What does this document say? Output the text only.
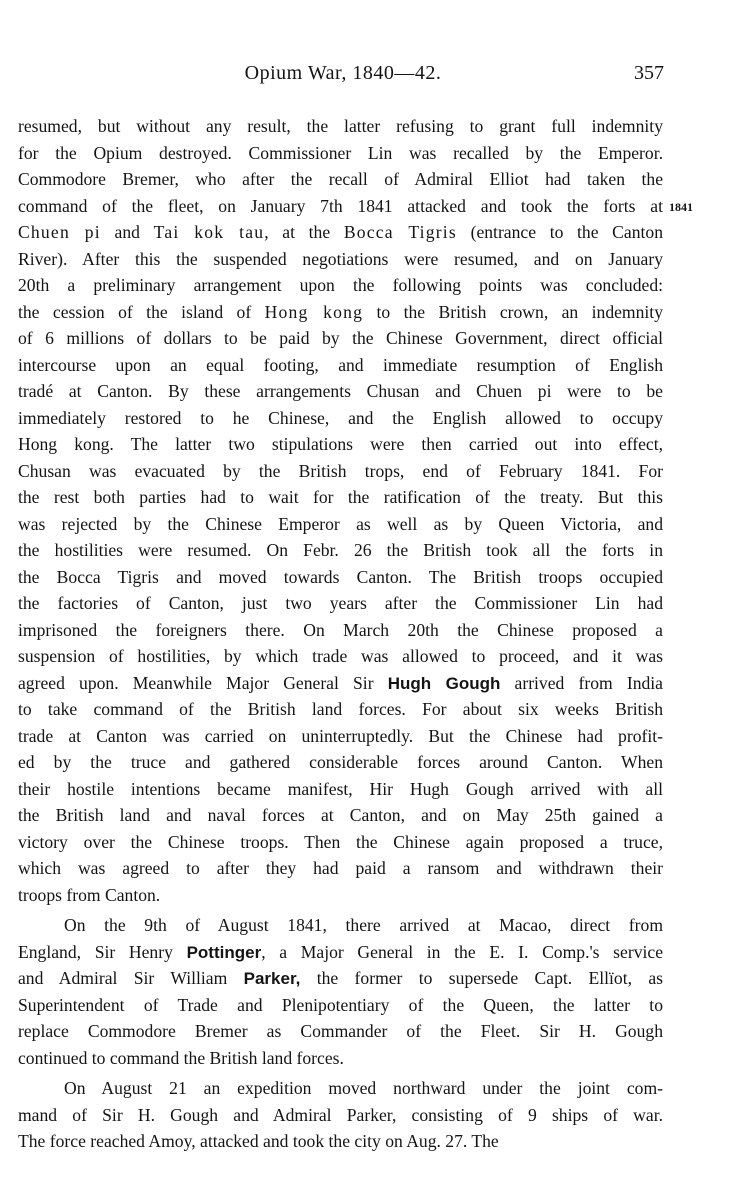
Opium War, 1840—42.	357
1841
resumed, but without any result, the latter refusing to grant full indemnity
for the Opium destroyed. Commissioner Lin was recalled by the Emperor.
Commodore Bremer, who after the recall of Admiral Elliot had taken the
command of the fleet, on January 7th 1841 attacked and took the forts at
Chuen pi and Tai kok tau, at the Bocca Tigris (entrance to the Canton
River). After this the suspended negotiations were resumed, and on January
20th a preliminary arrangement upon the following points was concluded:
the cession of the island of Hong kong to the British crown, an indemnity
of 6 millions of dollars to be paid by the Chinese Government, direct official
intercourse upon an equal footing, and immediate resumption of English
tradé at Canton. By these arrangements Chusan and Chuen pi were to be
immediately restored to he Chinese, and the English allowed to occupy
Hong kong. The latter two stipulations were then carried out into effect,
Chusan was evacuated by the British trops, end of February 1841. For
the rest both parties had to wait for the ratification of the treaty. But this
was rejected by the Chinese Emperor as well as by Queen Victoria, and
the hostilities were resumed. On Febr. 26 the British took all the forts in
the Bocca Tigris and moved towards Canton. The British troops occupied
the factories of Canton, just two years after the Commissioner Lin had
imprisoned the foreigners there. On March 20th the Chinese proposed a
suspension of hostilities, by which trade was allowed to proceed, and it was
agreed upon. Meanwhile Major General Sir Hugh Gough arrived from India
to take command of the British land forces. For about six weeks British
trade at Canton was carried on uninterruptedly. But the Chinese had profit-
ed by the truce and gathered considerable forces around Canton. When
their hostile intentions became manifest, Hir Hugh Gough arrived with all
the British land and naval forces at Canton, and on May 25th gained a
victory over the Chinese troops. Then the Chinese again proposed a truce,
which was agreed to after they had paid a ransom and withdrawn their
troops from Canton.
On the 9th of August 1841, there arrived at Macao, direct from
England, Sir Henry Pottinger, a Major General in the E. I. Comp.'s service
and Admiral Sir William Parker, the former to supersede Capt. Ellïot, as
Superintendent of Trade and Plenipotentiary of the Queen, the latter to
replace Commodore Bremer as Commander of the Fleet. Sir H. Gough
continued to command the British land forces.
On August 21 an expedition moved northward under the joint com-
mand of Sir H. Gough and Admiral Parker, consisting of 9 ships of war.
The force reached Amoy, attacked and took the city on Aug. 27. The
